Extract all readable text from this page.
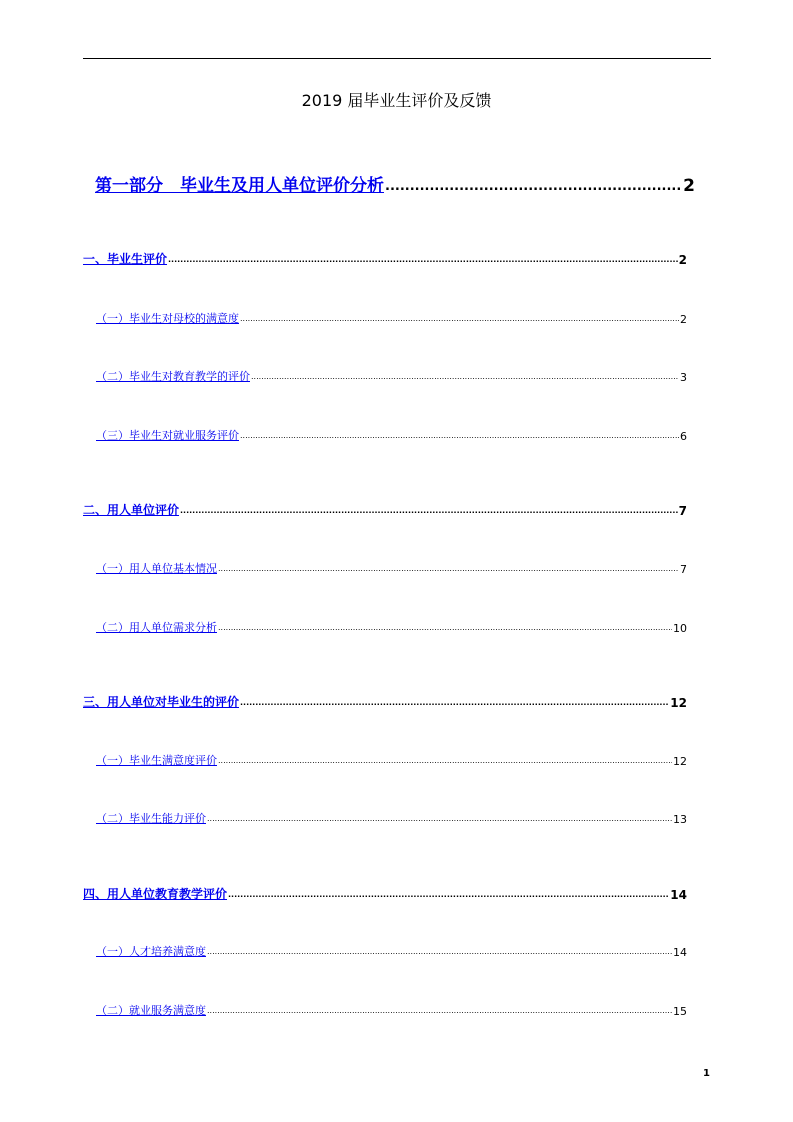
2019 届毕业生评价及反馈
第一部分　毕业生及用人单位评价分析 .....	2
一、毕业生评价 .....	2
（一）毕业生对母校的满意度 .....	2
（二）毕业生对教育教学的评价 .....	3
（三）毕业生对就业服务评价 .....	6
二、用人单位评价 .....	7
（一）用人单位基本情况 .....	7
（二）用人单位需求分析 .....	10
三、用人单位对毕业生的评价 .....	12
（一）毕业生满意度评价 .....	12
（二）毕业生能力评价 .....	13
四、用人单位教育教学评价 .....	14
（一）人才培养满意度 .....	14
（二）就业服务满意度 .....	15
1
